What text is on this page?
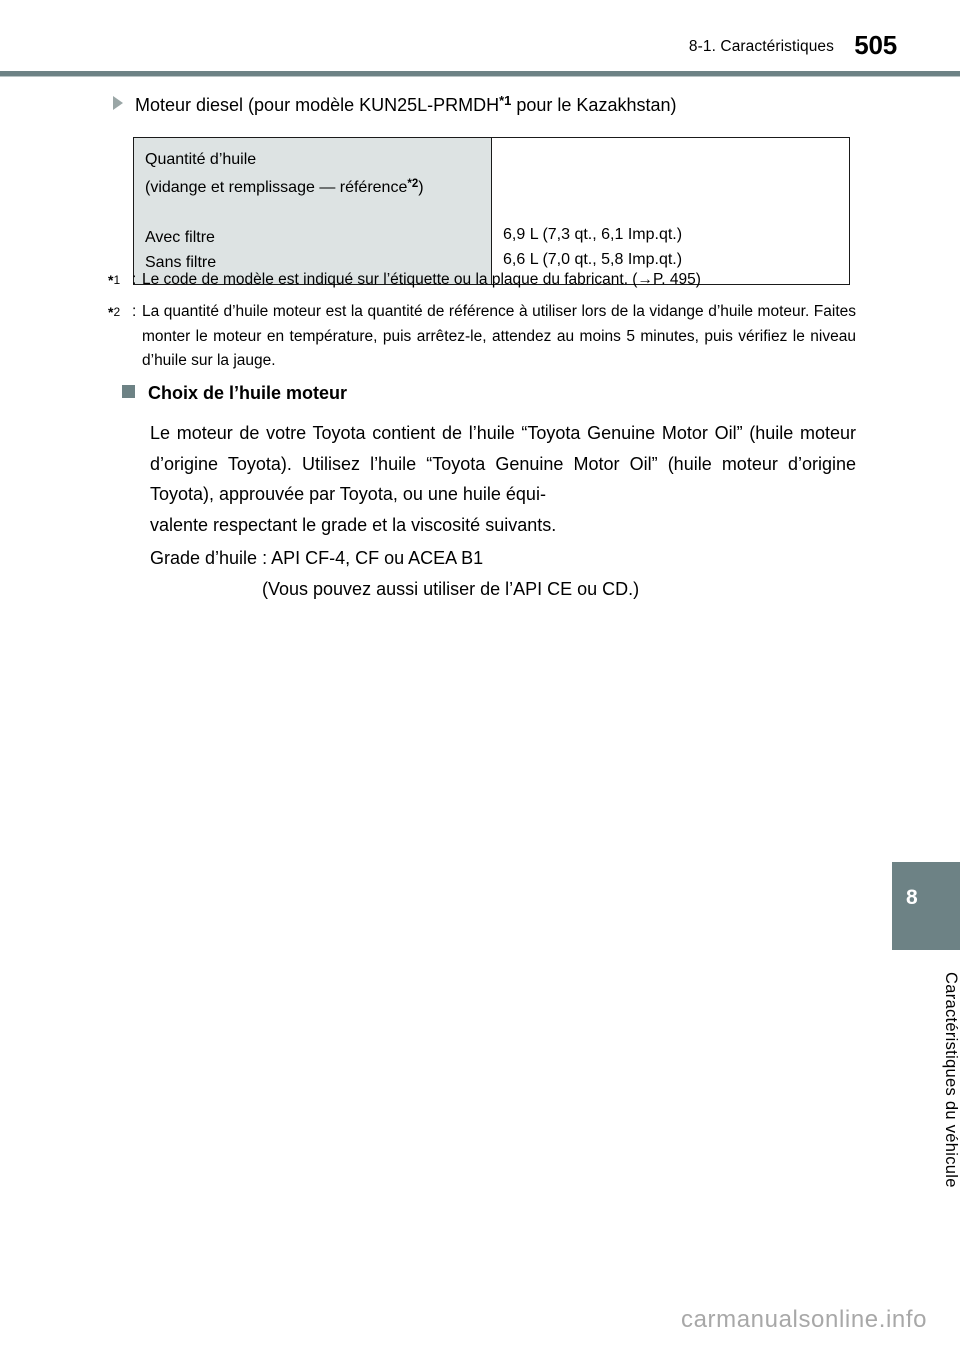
8-1. Caractéristiques 505
Moteur diesel (pour modèle KUN25L-PRMDH$^{*1}$ pour le Kazakhstan)
Quantité d’huile
(vidange et remplissage — référence$^{*2}$)
Avec filtre
Sans filtre
6,9 L (7,3 qt., 6,1 Imp.qt.)
6,6 L (7,0 qt., 5,8 Imp.qt.)
*$^1$ : Le code de modèle est indiqué sur l’étiquette ou la plaque du fabricant. (→P. 495)
*$^2$ : La quantité d’huile moteur est la quantité de référence à utiliser lors de la vidange d’huile moteur. Faites monter le moteur en température, puis arrêtez-le, attendez au moins 5 minutes, puis vérifiez le niveau d’huile sur la jauge.
Choix de l’huile moteur
Le moteur de votre Toyota contient de l’huile “Toyota Genuine Motor Oil” (huile moteur d’origine Toyota). Utilisez l’huile “Toyota Genuine Motor Oil” (huile moteur d’origine Toyota), approuvée par Toyota, ou une huile équi-
valente respectant le grade et la viscosité suivants.
Grade d’huile : API CF-4, CF ou ACEA B1
(Vous pouvez aussi utiliser de l’API CE ou CD.)
8
Caractéristiques du véhicule
carmanualsonline.info
